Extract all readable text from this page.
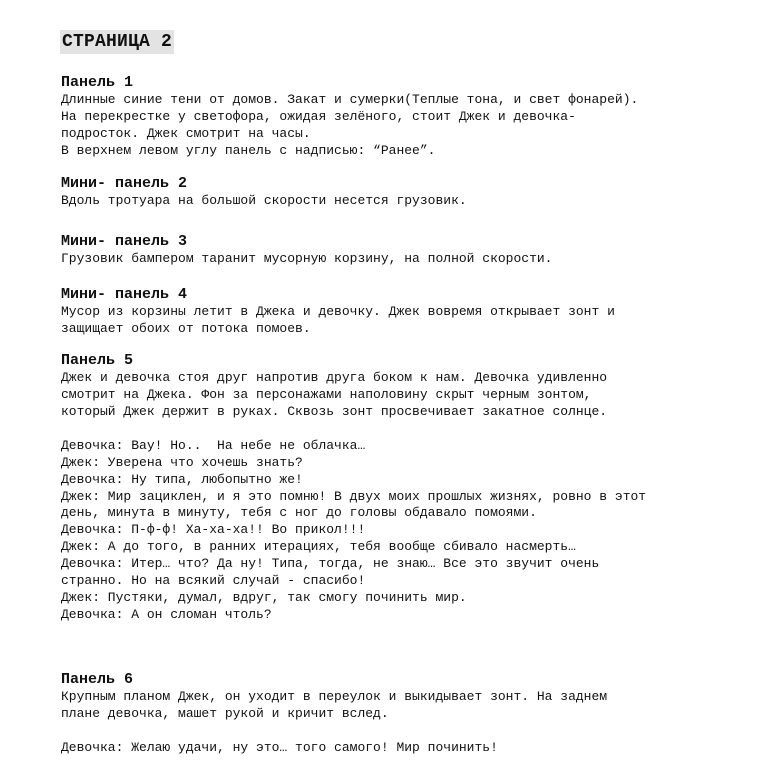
СТРАНИЦА 2
Панель 1
Длинные синие тени от домов. Закат и сумерки(Теплые тона, и свет фонарей).
На перекрестке у светофора, ожидая зелёного, стоит Джек и девочка-
подросток. Джек смотрит на часы.
В верхнем левом углу панель с надписью: “Ранее”.
Мини- панель 2
Вдоль тротуара на большой скорости несется грузовик.
Мини- панель 3
Грузовик бампером таранит мусорную корзину, на полной скорости.
Мини- панель 4
Мусор из корзины летит в Джека и девочку. Джек вовремя открывает зонт и
защищает обоих от потока помоев.
Панель 5
Джек и девочка стоя друг напротив друга боком к нам. Девочка удивленно
смотрит на Джека. Фон за персонажами наполовину скрыт черным зонтом,
который Джек держит в руках. Сквозь зонт просвечивает закатное солнце.
Девочка: Вау! Но..  На небе не облачка…
Джек: Уверена что хочешь знать?
Девочка: Ну типа, любопытно же!
Джек: Мир зациклен, и я это помню! В двух моих прошлых жизнях, ровно в этот
день, минута в минуту, тебя с ног до головы обдавало помоями.
Девочка: П-ф-ф! Ха-ха-ха!! Во прикол!!!
Джек: А до того, в ранних итерациях, тебя вообще сбивало насмерть…
Девочка: Итер… что? Да ну! Типа, тогда, не знаю… Все это звучит очень
странно. Но на всякий случай - спасибо!
Джек: Пустяки, думал, вдруг, так смогу починить мир.
Девочка: А он сломан чтоль?
Панель 6
Крупным планом Джек, он уходит в переулок и выкидывает зонт. На заднем
плане девочка, машет рукой и кричит вслед.
Девочка: Желаю удачи, ну это… того самого! Мир починить!
